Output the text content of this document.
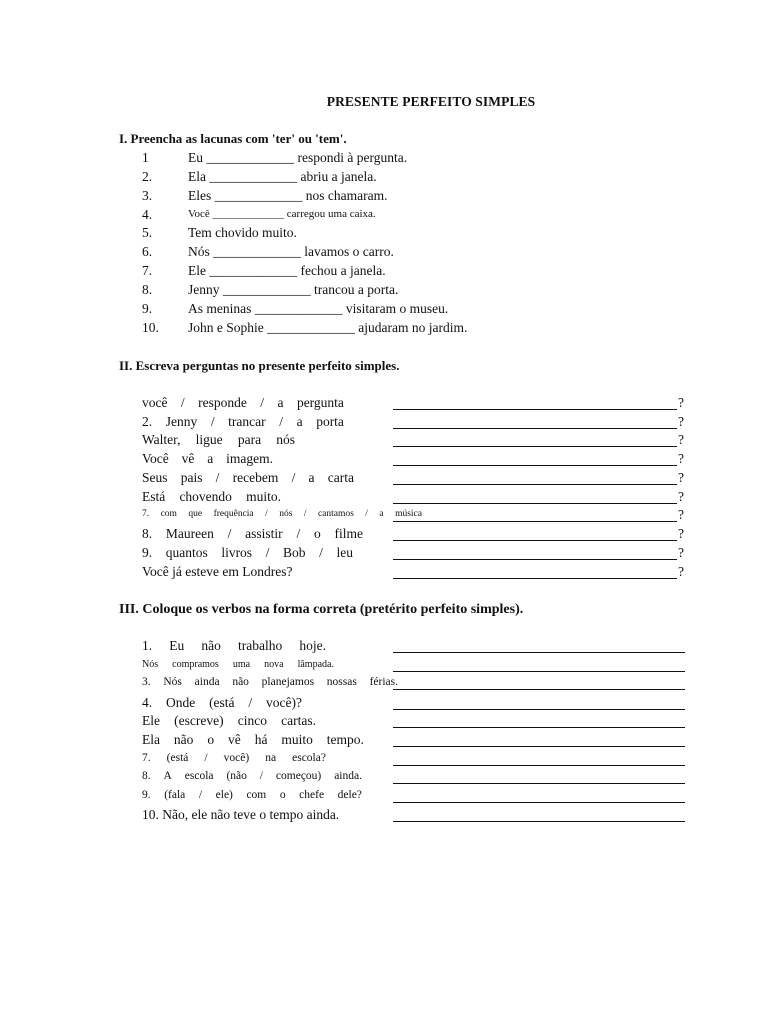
PRESENTE PERFEITO SIMPLES
I. Preencha as lacunas com 'ter' ou 'tem'.
1	Eu _____________ respondi à pergunta.
2.	Ela _____________ abriu a janela.
3.	Eles _____________ nos chamaram.
4.	Você _____________ carregou uma caixa.
5.	Tem chovido muito.
6.	Nós _____________ lavamos o carro.
7.	Ele _____________ fechou a janela.
8.	Jenny _____________ trancou a porta.
9.	As meninas _____________ visitaram o museu.
10. John e Sophie _____________ ajudaram no jardim.
II. Escreva perguntas no presente perfeito simples.
você / responde / a pergunta	?
2. Jenny / trancar / a porta	?
Walter, ligue para nós	?
Você vê a imagem.	?
Seus pais / recebem / a carta	?
Está chovendo muito.	?
7. com que frequência / nós / cantamos / a música	?
8. Maureen / assistir / o filme	?
9. quantos livros / Bob / leu	?
Você já esteve em Londres?	?
III. Coloque os verbos na forma correta (pretérito perfeito simples).
1. Eu não trabalho hoje.
Nós compramos uma nova lâmpada.
3. Nós ainda não planejamos nossas férias.
4. Onde (está / você)?
Ele (escreve) cinco cartas.
Ela não o vê há muito tempo.
7. (está / você) na escola?
8. A escola (não / começou) ainda.
9. (fala / ele) com o chefe dele?
10. Não, ele não teve o tempo ainda.
